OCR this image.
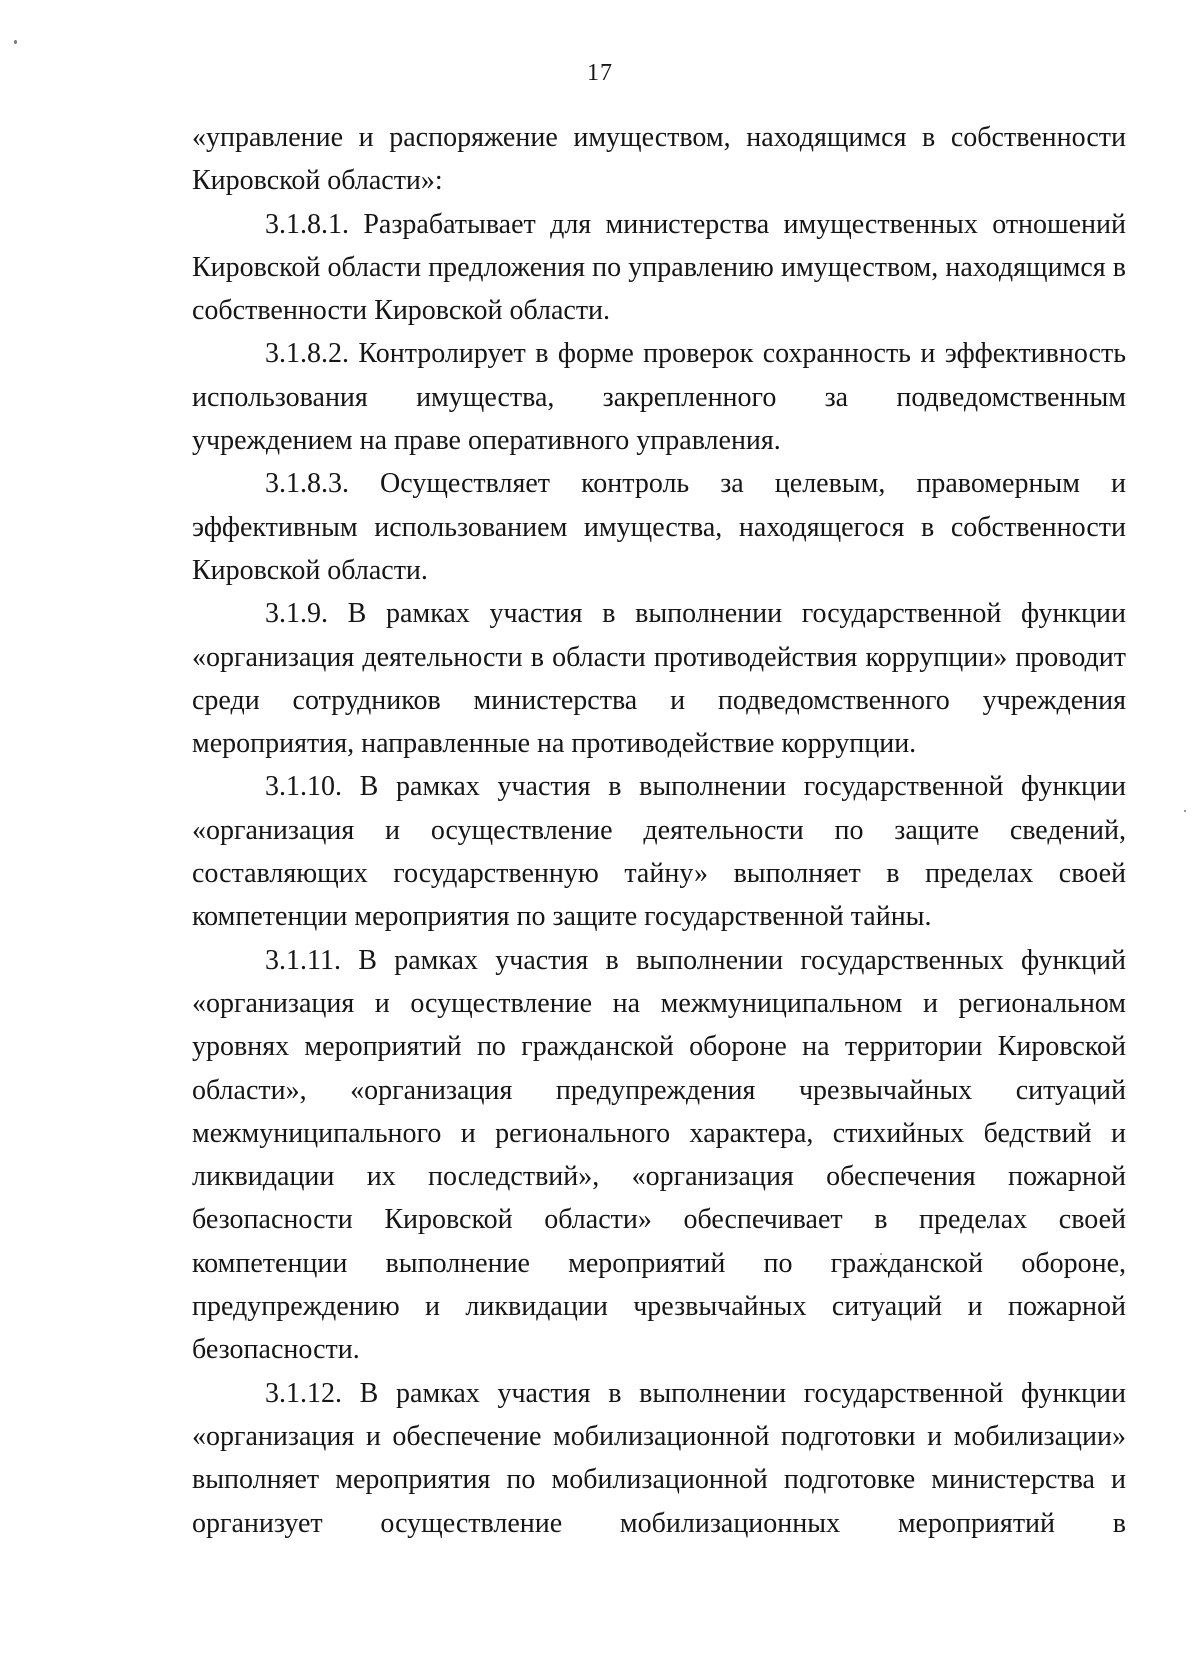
17

«управление и распоряжение имуществом, находящимся в собственности Кировской области»:

3.1.8.1. Разрабатывает для министерства имущественных отношений Кировской области предложения по управлению имуществом, находящимся в собственности Кировской области.

3.1.8.2. Контролирует в форме проверок сохранность и эффективность использования имущества, закрепленного за подведомственным учреждением на праве оперативного управления.

3.1.8.3. Осуществляет контроль за целевым, правомерным и эффективным использованием имущества, находящегося в собственности Кировской области.

3.1.9. В рамках участия в выполнении государственной функции «организация деятельности в области противодействия коррупции» проводит среди сотрудников министерства и подведомственного учреждения мероприятия, направленные на противодействие коррупции.

3.1.10. В рамках участия в выполнении государственной функции «организация и осуществление деятельности по защите сведений, составляющих государственную тайну» выполняет в пределах своей компетенции мероприятия по защите государственной тайны.

3.1.11. В рамках участия в выполнении государственных функций «организация и осуществление на межмуниципальном и региональном уровнях мероприятий по гражданской обороне на территории Кировской области», «организация предупреждения чрезвычайных ситуаций межмуниципального и регионального характера, стихийных бедствий и ликвидации их последствий», «организация обеспечения пожарной безопасности Кировской области» обеспечивает в пределах своей компетенции выполнение мероприятий по гражданской обороне, предупреждению и ликвидации чрезвычайных ситуаций и пожарной безопасности.

3.1.12. В рамках участия в выполнении государственной функции «организация и обеспечение мобилизационной подготовки и мобилизации» выполняет мероприятия по мобилизационной подготовке министерства и организует осуществление мобилизационных мероприятий в
